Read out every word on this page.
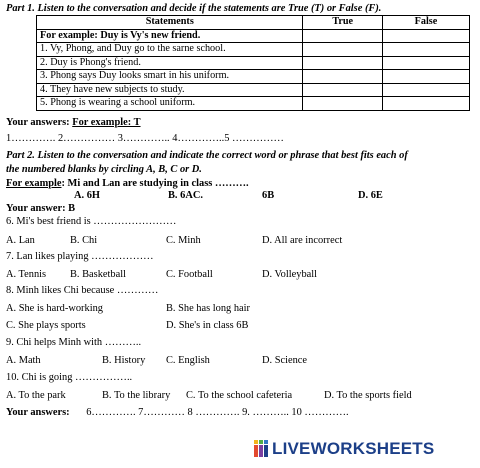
Part 1. Listen to the conversation and decide if the statements are True (T) or False (F).
Statements	True	False
For example: Duy is Vy's new friend.		
1. Vy, Phong, and Duy go to the sarne school.		
2. Duy is Phong's friend.		
3. Phong says Duy looks smart in his uniform.		
4. They have new subjects to study.		
5. Phong is wearing a school uniform.		
Your answers: For example: T
1…………. 2…………… 3………….. 4…………..5 ……………
Part 2. Listen to the conversation and indicate the correct word or phrase that best fits each of
the numbered blanks by circling A, B, C or D.
For example: Mi and Lan are studying in class ……….
A. 6H	B. 6AC.	6B	D. 6E
Your answer: B
6. Mi's best friend is ……………………
A. Lan	B. Chi	C. Minh	D. All are incorrect
7. Lan likes playing ………………
A. Tennis B. Basketball	C. Football	D. Volleyball
8. Minh likes Chi because …………
A. She is hard-working	B. She has long hair
C. She plays sports	D. She's in class 6B
9. Chi helps Minh with ………..
A. Math	B. History C. English	D. Science
10. Chi is going ……………..
A. To the park	B. To the library C. To the school cafeteria	D. To the sports field
Your answers: 6…………. 7………… 8 …………. 9. ……….. 10 ………….
LIVEWORKSHEETS
